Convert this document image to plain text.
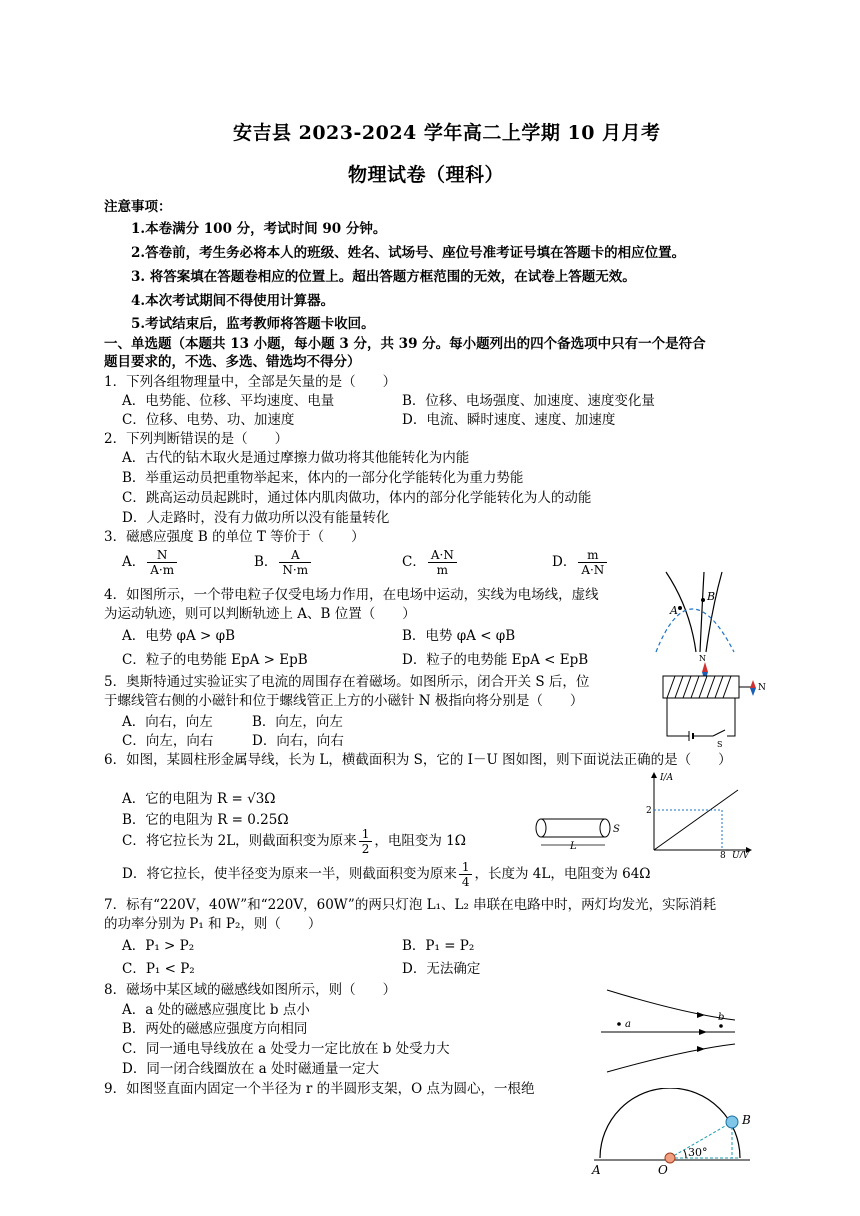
安吉县 2023-2024 学年高二上学期 10 月月考
物理试卷（理科）
注意事项：
1.本卷满分 100 分，考试时间 90 分钟。
2.答卷前，考生务必将本人的班级、姓名、试场号、座位号准考证号填在答题卡的相应位置。
3. 将答案填在答题卷相应的位置上。超出答题方框范围的无效，在试卷上答题无效。
4.本次考试期间不得使用计算器。
5.考试结束后，监考教师将答题卡收回。
一、单选题（本题共 13 小题，每小题 3 分，共 39 分。每小题列出的四个备选项中只有一个是符合
题目要求的，不选、多选、错选均不得分）
1．下列各组物理量中，全部是矢量的是（　　）
A．电势能、位移、平均速度、电量	B．位移、电场强度、加速度、速度变化量
C．位移、电势、功、加速度	D．电流、瞬时速度、速度、加速度
2．下列判断错误的是（　　）
A．古代的钻木取火是通过摩擦力做功将其他能转化为内能
B．举重运动员把重物举起来，体内的一部分化学能转化为重力势能
C．跳高运动员起跳时，通过体内肌肉做功，体内的部分化学能转化为人的动能
D．人走路时，没有力做功所以没有能量转化
3．磁感应强度 B 的单位 T 等价于（　　）
A． $\frac{N}{A\cdot m}$	B． $\frac{A}{N\cdot m}$	C． $\frac{A\cdot N}{m}$	D． $\frac{m}{A\cdot N}$
4．如图所示，一个带电粒子仅受电场力作用，在电场中运动，实线为电场线，虚线
为运动轨迹，则可以判断轨迹上 A、B 位置（　　）
A．电势 φA > φB	B．电势 φA < φB
C．粒子的电势能 EpA > EpB	D．粒子的电势能 EpA < EpB
A
B
5．奥斯特通过实验证实了电流的周围存在着磁场。如图所示，闭合开关 S 后，位
于螺线管右侧的小磁针和位于螺线管正上方的小磁针 N 极指向将分别是（　　）
A．向右，向左	B．向左，向左
C．向左，向右	D．向右，向右
N
N
S
6．如图，某圆柱形金属导线，长为 L，横截面积为 S，它的 I－U 图如图，则下面说法正确的是（　　）
A．它的电阻为 R = √3Ω
B．它的电阻为 R = 0.25Ω
C．将它拉长为 2L，则截面积变为原来 $\frac{1}{2}$ ，电阻变为 1Ω
D．将它拉长，使半径变为原来一半，则截面积变为原来 $\frac{1}{4}$ ，长度为 4L，电阻变为 64Ω
L
S
I/A
2
8 U/V
7．标有“220V，40W”和“220V，60W”的两只灯泡 L₁、L₂ 串联在电路中时，两灯均发光，实际消耗
的功率分别为 P₁ 和 P₂，则（　　）
A．P₁ > P₂	B．P₁ = P₂
C．P₁ < P₂	D．无法确定
8．磁场中某区域的磁感线如图所示，则（　　）
A．a 处的磁感应强度比 b 点小
B．两处的磁感应强度方向相同
C．同一通电导线放在 a 处受力一定比放在 b 处受力大
D．同一闭合线圈放在 a 处时磁通量一定大
a
b
9．如图竖直面内固定一个半径为 r 的半圆形支架，O 点为圆心，一根绝
A	O
B
30°
